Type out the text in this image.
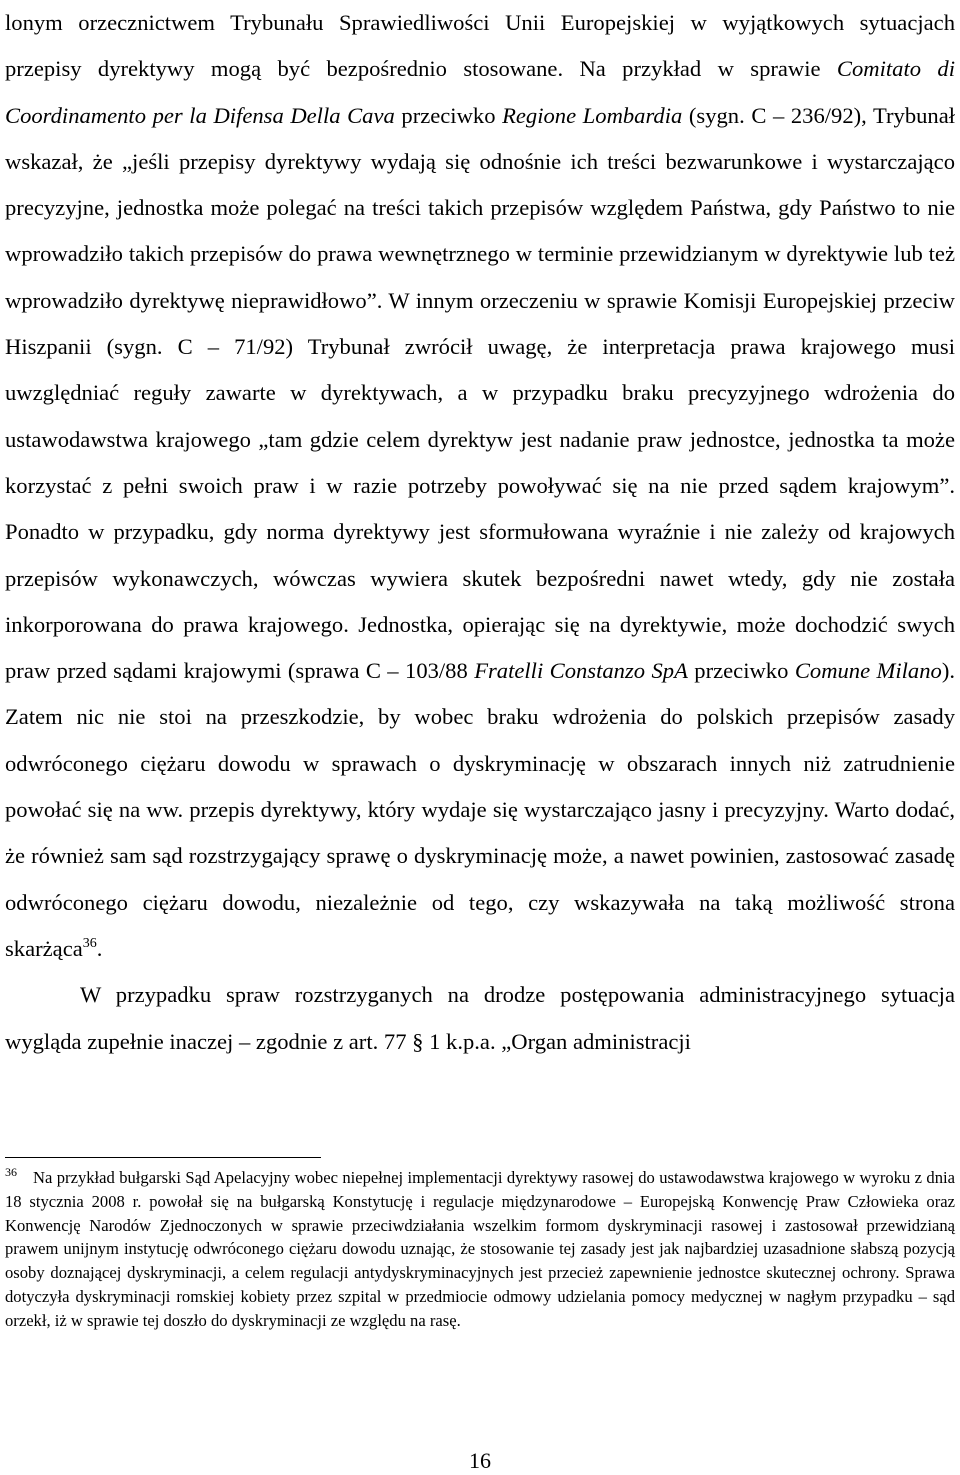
lonym orzecznictwem Trybunału Sprawiedliwości Unii Europejskiej w wyjątkowych sytuacjach przepisy dyrektywy mogą być bezpośrednio stosowane. Na przykład w sprawie Comitato di Coordinamento per la Difensa Della Cava przeciwko Regione Lombardia (sygn. C – 236/92), Trybunał wskazał, że „jeśli przepisy dyrektywy wydają się odnośnie ich treści bezwarunkowe i wystarczająco precyzyjne, jednostka może polegać na treści takich przepisów względem Państwa, gdy Państwo to nie wprowadziło takich przepisów do prawa wewnętrznego w terminie przewidzianym w dyrektywie lub też wprowadziło dyrektywę nieprawidłowo”. W innym orzeczeniu w sprawie Komisji Europejskiej przeciw Hiszpanii (sygn. C – 71/92) Trybunał zwrócił uwagę, że interpretacja prawa krajowego musi uwzględniać reguły zawarte w dyrektywach, a w przypadku braku precyzyjnego wdrożenia do ustawodawstwa krajowego „tam gdzie celem dyrektyw jest nadanie praw jednostce, jednostka ta może korzystać z pełni swoich praw i w razie potrzeby powoływać się na nie przed sądem krajowym”. Ponadto w przypadku, gdy norma dyrektywy jest sformułowana wyraźnie i nie zależy od krajowych przepisów wykonawczych, wówczas wywiera skutek bezpośredni nawet wtedy, gdy nie została inkorporowana do prawa krajowego. Jednostka, opierając się na dyrektywie, może dochodzić swych praw przed sądami krajowymi (sprawa C – 103/88 Fratelli Constanzo SpA przeciwko Comune Milano). Zatem nic nie stoi na przeszkodzie, by wobec braku wdrożenia do polskich przepisów zasady odwróconego ciężaru dowodu w sprawach o dyskryminację w obszarach innych niż zatrudnienie powołać się na ww. przepis dyrektywy, który wydaje się wystarczająco jasny i precyzyjny. Warto dodać, że również sam sąd rozstrzygający sprawę o dyskryminację może, a nawet powinien, zastosować zasadę odwróconego ciężaru dowodu, niezależnie od tego, czy wskazywała na taką możliwość strona skarżąca$^{36}$.

W przypadku spraw rozstrzyganych na drodze postępowania administracyjnego sytuacja wygląda zupełnie inaczej – zgodnie z art. 77 § 1 k.p.a. „Organ administracji

$^{36}$ Na przykład bułgarski Sąd Apelacyjny wobec niepełnej implementacji dyrektywy rasowej do ustawodawstwa krajowego w wyroku z dnia 18 stycznia 2008 r. powołał się na bułgarską Konstytucję i regulacje międzynarodowe – Europejską Konwencję Praw Człowieka oraz Konwencję Narodów Zjednoczonych w sprawie przeciwdziałania wszelkim formom dyskryminacji rasowej i zastosował przewidzianą prawem unijnym instytucję odwróconego ciężaru dowodu uznając, że stosowanie tej zasady jest jak najbardziej uzasadnione słabszą pozycją osoby doznającej dyskryminacji, a celem regulacji antydyskryminacyjnych jest przecież zapewnienie jednostce skutecznej ochrony. Sprawa dotyczyła dyskryminacji romskiej kobiety przez szpital w przedmiocie odmowy udzielania pomocy medycznej w nagłym przypadku – sąd orzekł, iż w sprawie tej doszło do dyskryminacji ze względu na rasę.

16
